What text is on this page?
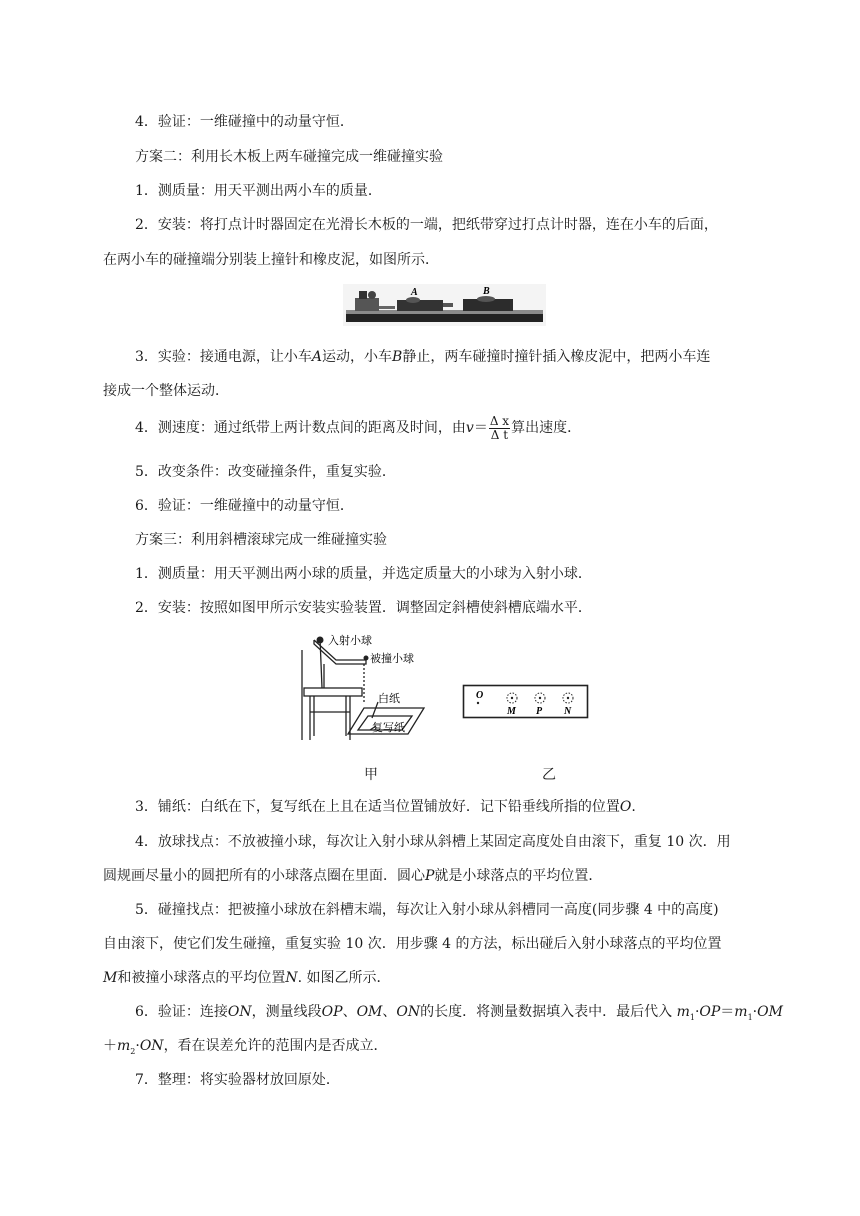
4．验证：一维碰撞中的动量守恒．
方案二：利用长木板上两车碰撞完成一维碰撞实验
1．测质量：用天平测出两小车的质量．
2．安装：将打点计时器固定在光滑长木板的一端，把纸带穿过打点计时器，连在小车的后面，
在两小车的碰撞端分别装上撞针和橡皮泥，如图所示．
A	B
3．实验：接通电源，让小车A运动，小车B静止，两车碰撞时撞针插入橡皮泥中，把两小车连
接成一个整体运动．
4．测速度：通过纸带上两计数点间的距离及时间，由$v= \frac{\text{Δ x}}{\text{Δ t}}$ 算出速度．
5．改变条件：改变碰撞条件，重复实验．
6．验证：一维碰撞中的动量守恒．
方案三：利用斜槽滚球完成一维碰撞实验
1．测质量：用天平测出两小球的质量，并选定质量大的小球为入射小球．
2．安装：按照如图甲所示安装实验装置．调整固定斜槽使斜槽底端水平．
入射小球
被撞小球
白纸
复写纸
O
M P N
甲	乙
3．铺纸：白纸在下，复写纸在上且在适当位置铺放好．记下铅垂线所指的位置O.
4．放球找点：不放被撞小球，每次让入射小球从斜槽上某固定高度处自由滚下，重复 10 次．用
圆规画尽量小的圆把所有的小球落点圈在里面．圆心P就是小球落点的平均位置．
5．碰撞找点：把被撞小球放在斜槽末端，每次让入射小球从斜槽同一高度(同步骤 4 中的高度)
自由滚下，使它们发生碰撞，重复实验 10 次．用步骤 4 的方法，标出碰后入射小球落点的平均位置
M和被撞小球落点的平均位置N. 如图乙所示．
6．验证：连接ON，测量线段OP、OM、ON的长度．将测量数据填入表中．最后代入 $m_1\cdot OP=m_1\cdot OM$
$+m_2\cdot ON$，看在误差允许的范围内是否成立．
7．整理：将实验器材放回原处．
